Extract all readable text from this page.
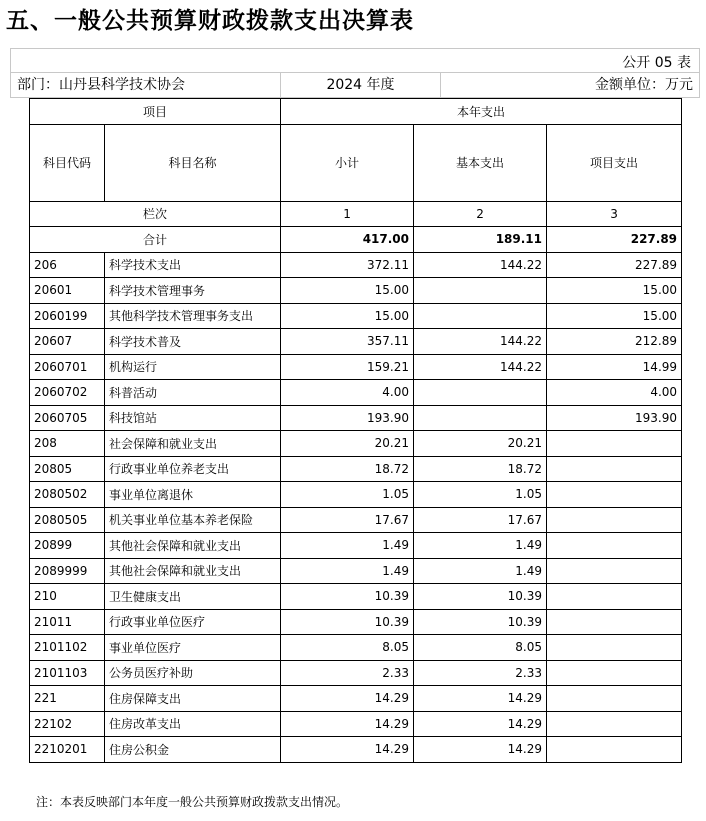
五、一般公共预算财政拨款支出决算表
公开 05 表
部门：山丹县科学技术协会	2024 年度	金额单位：万元
项目		本年支出		
科目代码	科目名称	小计	基本支出	项目支出
栏次		1	2	3
合计		417.00	189.11	227.89
206	科学技术支出	372.11	144.22	227.89
20601	科学技术管理事务	15.00		15.00
2060199	其他科学技术管理事务支出	15.00		15.00
20607	科学技术普及	357.11	144.22	212.89
2060701	机构运行	159.21	144.22	14.99
2060702	科普活动	4.00		4.00
2060705	科技馆站	193.90		193.90
208	社会保障和就业支出	20.21	20.21	
20805	行政事业单位养老支出	18.72	18.72	
2080502	事业单位离退休	1.05	1.05	
2080505	机关事业单位基本养老保险	17.67	17.67	
20899	其他社会保障和就业支出	1.49	1.49	
2089999	其他社会保障和就业支出	1.49	1.49	
210	卫生健康支出	10.39	10.39	
21011	行政事业单位医疗	10.39	10.39	
2101102	事业单位医疗	8.05	8.05	
2101103	公务员医疗补助	2.33	2.33	
221	住房保障支出	14.29	14.29	
22102	住房改革支出	14.29	14.29	
2210201	住房公积金	14.29	14.29	
注：本表反映部门本年度一般公共预算财政拨款支出情况。
